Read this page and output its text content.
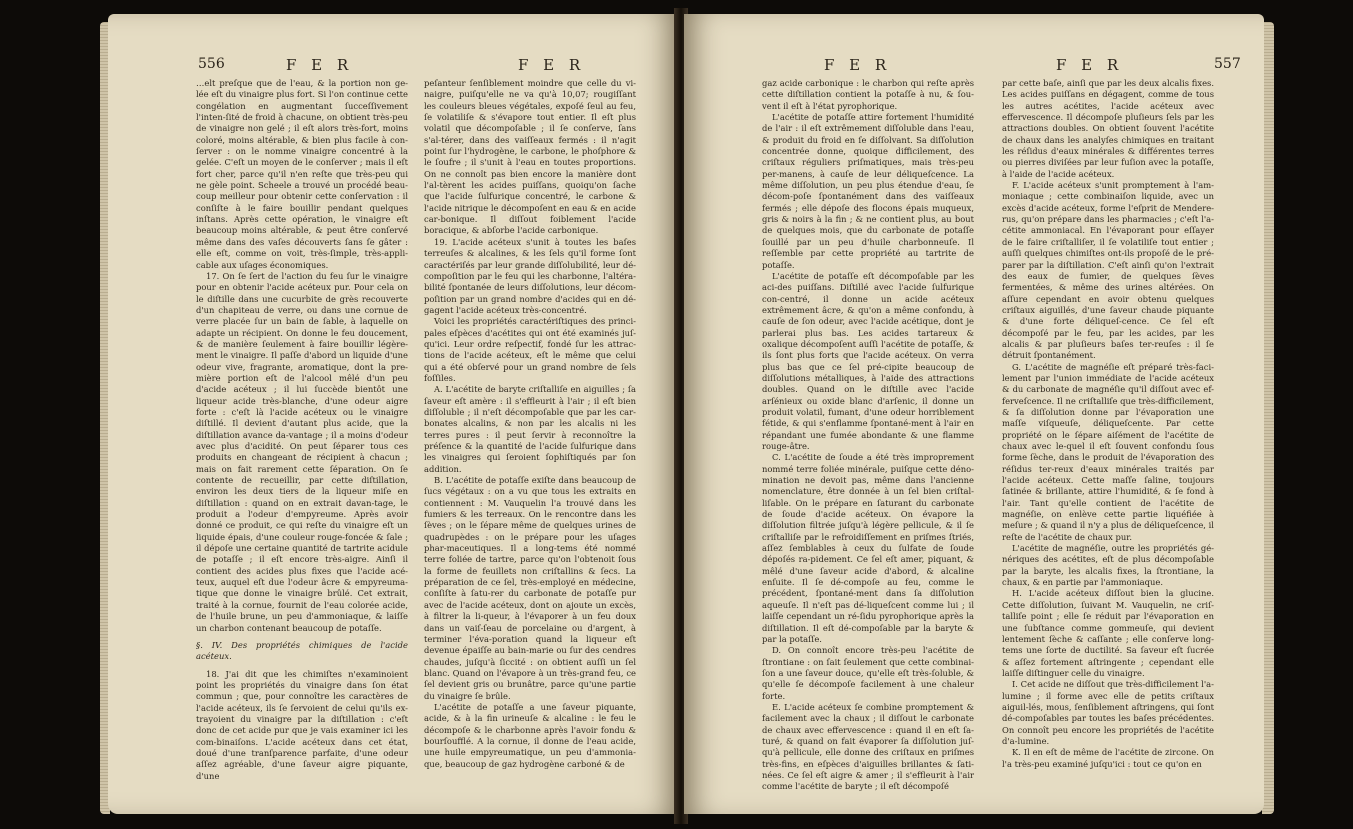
556	F E R	F E R

…elt preſque que de l'eau, & la portion non ge-lée eſt du vinaigre plus fort. Si l'on continue cette congélation en augmentant ſucceſſivement l'inten-ſité de froid à chacune, on obtient très-peu de vinaigre non gelé ; il eſt alors très-fort, moins coloré, moins altérable, & bien plus facile à con-ſerver : on le nomme vinaigre concentré à la gelée. C'eſt un moyen de le conſerver ; mais il eſt fort cher, parce qu'il n'en reſte que très-peu qui ne gèle point. Scheele a trouvé un procédé beau-coup meilleur pour obtenir cette conſervation : il conſiſte à le faire bouillir pendant quelques inſtans. Après cette opération, le vinaigre eſt beaucoup moins altérable, & peut être conſervé même dans des vaſes découverts ſans ſe gâter : elle eſt, comme on voit, très-ſimple, très-appli-cable aux uſages économiques.

17. On ſe ſert de l'action du feu ſur le vinaigre pour en obtenir l'acide acéteux pur. Pour cela on le diſtille dans une cucurbite de grès recouverte d'un chapiteau de verre, ou dans une cornue de verre placée ſur un bain de ſable, à laquelle on adapte un récipient. On donne le feu doucement, & de manière ſeulement à faire bouillir légère-ment le vinaigre. Il paſſe d'abord un liquide d'une odeur vive, fragrante, aromatique, dont la pre-mière portion eſt de l'alcool mêlé d'un peu d'acide acéteux ; il lui ſuccède bientôt une liqueur acide très-blanche, d'une odeur aigre forte : c'eſt là l'acide acéteux ou le vinaigre diſtillé. Il devient d'autant plus acide, que la diſtillation avance da-vantage ; il a moins d'odeur avec plus d'acidité. On peut ſéparer tous ces produits en changeant de récipient à chacun ; mais on fait rarement cette ſéparation. On ſe contente de recueillir, par cette diſtillation, environ les deux tiers de la liqueur miſe en diſtillation : quand on en extrait davan-tage, le produit a l'odeur d'empyreume. Après avoir donné ce produit, ce qui reſte du vinaigre eſt un liquide épais, d'une couleur rouge-foncée & ſale ; il dépoſe une certaine quantité de tartrite acidule de potaſſe ; il eſt encore très-aigre. Ainſi il contient des acides plus fixes que l'acide acé-teux, auquel eſt due l'odeur âcre & empyreuma-tique que donne le vinaigre brûlé. Cet extrait, traité à la cornue, fournit de l'eau colorée acide, de l'huile brune, un peu d'ammoniaque, & laiſſe un charbon contenant beaucoup de potaſſe.

§. IV. Des propriétés chimiques de l'acide acéteux.

18. J'ai dit que les chimiſtes n'examinoient point les propriétés du vinaigre dans ſon état commun ; que, pour connoître les caractères de l'acide acéteux, ils ſe ſervoient de celui qu'ils ex-trayoient du vinaigre par la diſtillation : c'eſt donc de cet acide pur que je vais examiner ici les com-binaiſons. L'acide acéteux dans cet état, doué d'une tranſparence parfaite, d'une odeur aſſez agréable, d'une ſaveur aigre piquante, d'une

peſanteur ſenſiblement moindre que celle du vi-naigre, puiſqu'elle ne va qu'à 10,07; rougiſſant les couleurs bleues végétales, expoſé ſeul au feu, ſe volatiliſe & s'évapore tout entier. Il eſt plus volatil que décompoſable ; il ſe conſerve, ſans s'al-térer, dans des vaiſſeaux fermés : il n'agit point ſur l'hydrogène, le carbone, le phoſphore & le ſoufre ; il s'unit à l'eau en toutes proportions. On ne connoît pas bien encore la manière dont l'al-tèrent les acides puiſſans, quoiqu'on ſache que l'acide ſulfurique concentré, le carbone & l'acide nitrique le décompoſent en eau & en acide car-bonique. Il diſſout foiblement l'acide boracique, & abſorbe l'acide carbonique.

19. L'acide acéteux s'unit à toutes les baſes terreuſes & alcalines, & les ſels qu'il forme ſont caractériſés par leur grande diſſolubilité, leur dé-compoſition par le feu qui les charbonne, l'altéra-bilité ſpontanée de leurs diſſolutions, leur décom-poſition par un grand nombre d'acides qui en dé-gagent l'acide acéteux très-concentré.

Voici les propriétés caractériſtiques des princi-pales eſpèces d'acétites qui ont été examinés juſ-qu'ici. Leur ordre reſpectif, fondé ſur les attrac-tions de l'acide acéteux, eſt le même que celui qui a été obſervé pour un grand nombre de ſels foſſiles.

A. L'acétite de baryte criſtalliſe en aiguilles ; ſa ſaveur eſt amère : il s'effleurit à l'air ; il eſt bien diſſoluble ; il n'eſt décompoſable que par les car-bonates alcalins, & non par les alcalis ni les terres pures : il peut ſervir à reconnoître la préſence & la quantité de l'acide ſulfurique dans les vinaigres qui ſeroient ſophiſtiqués par ſon addition.

B. L'acétite de potaſſe exiſte dans beaucoup de ſucs végétaux : on a vu que tous les extraits en contiennent : M. Vauquelin l'a trouvé dans les fumiers & les terreaux. On le rencontre dans les ſèves ; on le ſépare même de quelques urines de quadrupèdes : on le prépare pour les uſages phar-maceutiques. Il a long-tems été nommé terre foliée de tartre, parce qu'on l'obtenoit ſous la forme de feuillets non criſtallins & ſecs. La préparation de ce ſel, très-employé en médecine, conſiſte à ſatu-rer du carbonate de potaſſe pur avec de l'acide acéteux, dont on ajoute un excès, à filtrer la li-queur, à l'évaporer à un feu doux dans un vaiſ-ſeau de porcelaine ou d'argent, à terminer l'éva-poration quand la liqueur eſt devenue épaiſſe au bain-marie ou ſur des cendres chaudes, juſqu'à ſiccité : on obtient auſſi un ſel blanc. Quand on l'évapore à un très-grand feu, ce ſel devient gris ou brunâtre, parce qu'une partie du vinaigre ſe brûle.

L'acétite de potaſſe a une ſaveur piquante, acide, & à la fin urineuſe & alcaline : le feu le décompoſe & le charbonne après l'avoir fondu & bourſoufflé. A la cornue, il donne de l'eau acide, une huile empyreumatique, un peu d'ammonia-que, beaucoup de gaz hydrogène carboné & de

F E R	F E R	557

gaz acide carbonique : le charbon qui reſte après cette diſtillation contient la potaſſe à nu, & ſou-vent il eſt à l'état pyrophorique.

L'acétite de potaſſe attire fortement l'humidité de l'air : il eſt extrêmement diſſoluble dans l'eau, & produit du froid en ſe diſſolvant. Sa diſſolution concentrée donne, quoique difficilement, des criſtaux réguliers priſmatiques, mais très-peu per-manens, à cauſe de leur déliqueſcence. La même diſſolution, un peu plus étendue d'eau, ſe décom-poſe ſpontanément dans des vaiſſeaux fermés ; elle dépoſe des flocons épais muqueux, gris & noirs à la fin ; & ne contient plus, au bout de quelques mois, que du carbonate de potaſſe ſouillé par un peu d'huile charbonneuſe. Il reſſemble par cette propriété au tartrite de potaſſe.

L'acétite de potaſſe eſt décompoſable par les aci-des puiſſans. Diſtillé avec l'acide ſulfurique con-centré, il donne un acide acéteux extrêmement âcre, & qu'on a même confondu, à cauſe de ſon odeur, avec l'acide acétique, dont je parlerai plus bas. Les acides tartareux & oxalique décompoſent auſſi l'acétite de potaſſe, & ils ſont plus forts que l'acide acéteux. On verra plus bas que ce ſel pré-cipite beaucoup de diſſolutions métalliques, à l'aide des attractions doubles. Quand on le diſtille avec l'acide arſénieux ou oxide blanc d'arſenic, il donne un produit volatil, fumant, d'une odeur horriblement fétide, & qui s'enflamme ſpontané-ment à l'air en répandant une fumée abondante & une flamme rouge-âtre.

C. L'acétite de ſoude a été très improprement nommé terre foliée minérale, puiſque cette déno-mination ne devoit pas, même dans l'ancienne nomenclature, être donnée à un ſel bien criſtal-liſable. On le prépare en ſaturant du carbonate de ſoude d'acide acéteux. On évapore la diſſolution filtrée juſqu'à légère pellicule, & il ſe criſtalliſe par le refroidiſſement en priſmes ſtriés, aſſez ſemblables à ceux du ſulfate de ſoude dépoſés ra-pidement. Ce ſel eſt amer, piquant, & mêlé d'une ſaveur acide d'abord, & alcaline enſuite. Il ſe dé-compoſe au feu, comme le précédent, ſpontané-ment dans ſa diſſolution aqueuſe. Il n'eſt pas dé-liqueſcent comme lui ; il laiſſe cependant un ré-ſidu pyrophorique après la diſtillation. Il eſt dé-compoſable par la baryte & par la potaſſe.

D. On connoît encore très-peu l'acétite de ſtrontiane : on ſait ſeulement que cette combinai-ſon a une ſaveur douce, qu'elle eſt très-ſoluble, & qu'elle ſe décompoſe facilement à une chaleur forte.

E. L'acide acéteux ſe combine promptement & facilement avec la chaux ; il diſſout le carbonate de chaux avec effervescence : quand il en eſt ſa-turé, & quand on fait évaporer ſa diſſolution juſ-qu'à pellicule, elle donne des criſtaux en priſmes très-fins, en eſpèces d'aiguilles brillantes & ſati-nées. Ce ſel eſt aigre & amer ; il s'effleurit à l'air comme l'acétite de baryte ; il eſt décompoſé

par cette baſe, ainſi que par les deux alcalis fixes. Les acides puiſſans en dégagent, comme de tous les autres acétites, l'acide acéteux avec effervescence. Il décompoſe pluſieurs ſels par les attractions doubles. On obtient ſouvent l'acétite de chaux dans les analyſes chimiques en traitant les réſidus d'eaux minérales & différentes terres ou pierres diviſées par leur fuſion avec la potaſſe, à l'aide de l'acide acéteux.

F. L'acide acéteux s'unit promptement à l'am-moniaque ; cette combinaiſon liquide, avec un excès d'acide acéteux, forme l'eſprit de Mendere-rus, qu'on prépare dans les pharmacies ; c'eſt l'a-cétite ammoniacal. En l'évaporant pour eſſayer de le faire criſtalliſer, il ſe volatiliſe tout entier ; auſſi quelques chimiſtes ont-ils propoſé de le pré-parer par la diſtillation. C'eſt ainſi qu'on l'extrait des eaux de fumier, de quelques ſèves fermentées, & même des urines altérées. On aſſure cependant en avoir obtenu quelques criſtaux aiguillés, d'une ſaveur chaude piquante & d'une forte déliqueſ-cence. Ce ſel eſt décompoſé par le feu, par les acides, par les alcalis & par pluſieurs baſes ter-reuſes : il ſe détruit ſpontanément.

G. L'acétite de magnéſie eſt préparé très-faci-lement par l'union immédiate de l'acide acéteux & du carbonate de magnéſie qu'il diſſout avec ef-ferveſcence. Il ne criſtalliſe que très-difficilement, & ſa diſſolution donne par l'évaporation une maſſe viſqueuſe, déliqueſcente. Par cette propriété on le ſépare aiſément de l'acétite de chaux avec le-quel il eſt ſouvent confondu ſous forme ſèche, dans le produit de l'évaporation des réſidus ter-reux d'eaux minérales traités par l'acide acéteux. Cette maſſe ſaline, toujours ſatinée & brillante, attire l'humidité, & ſe fond à l'air. Tant qu'elle contient de l'acétite de magnéſie, on enlève cette partie liquéfiée à meſure ; & quand il n'y a plus de déliqueſcence, il reſte de l'acétite de chaux pur.

L'acétite de magnéſie, outre les propriétés gé-nériques des acétites, eſt de plus décompoſable par la baryte, les alcalis fixes, la ſtrontiane, la chaux, & en partie par l'ammoniaque.

H. L'acide acéteux diſſout bien la glucine. Cette diſſolution, ſuivant M. Vauquelin, ne criſ-talliſe point ; elle ſe réduit par l'évaporation en une ſubſtance comme gommeuſe, qui devient lentement ſèche & caſſante ; elle conſerve long-tems une ſorte de ductilité. Sa ſaveur eſt ſucrée & aſſez fortement aſtringente ; cependant elle laiſſe diſtinguer celle du vinaigre.

I. Cet acide ne diſſout que très-difficilement l'a-lumine ; il forme avec elle de petits criſtaux aiguil-lés, mous, ſenſiblement aſtringens, qui ſont dé-compoſables par toutes les baſes précédentes. On connoît peu encore les propriétés de l'acétite d'a-lumine.

K. Il en eſt de même de l'acétite de zircone. On l'a très-peu examiné juſqu'ici : tout ce qu'on en
